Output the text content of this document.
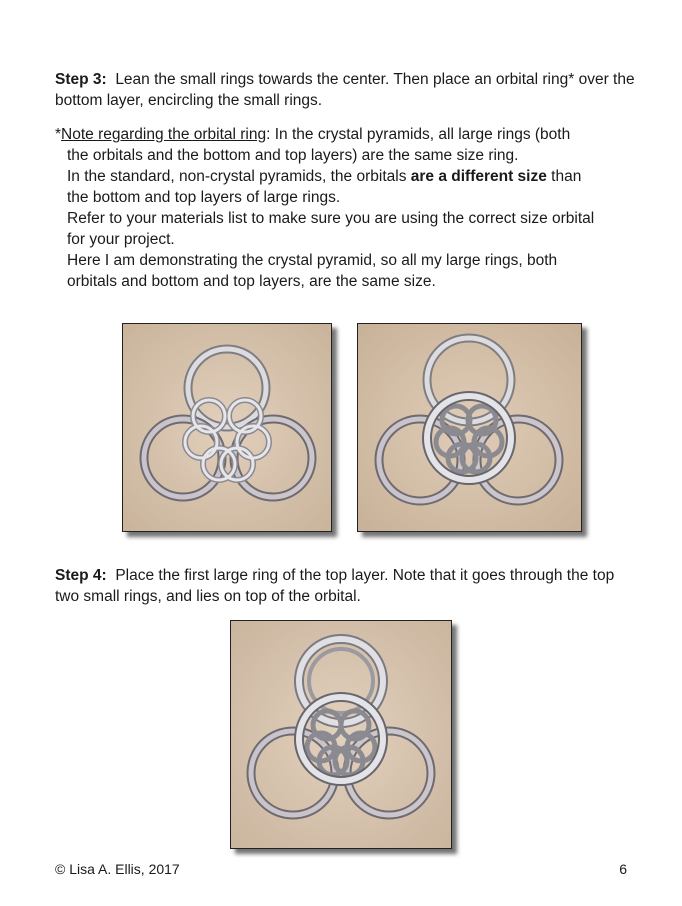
Step 3: Lean the small rings towards the center. Then place an orbital ring* over the bottom layer, encircling the small rings.
*Note regarding the orbital ring: In the crystal pyramids, all large rings (both
the orbitals and the bottom and top layers) are the same size ring.
In the standard, non-crystal pyramids, the orbitals are a different size than
the bottom and top layers of large rings.
Refer to your materials list to make sure you are using the correct size orbital
for your project.
Here I am demonstrating the crystal pyramid, so all my large rings, both
orbitals and bottom and top layers, are the same size.
Step 4: Place the first large ring of the top layer. Note that it goes through the top two small rings, and lies on top of the orbital.
© Lisa A. Ellis, 2017	6
